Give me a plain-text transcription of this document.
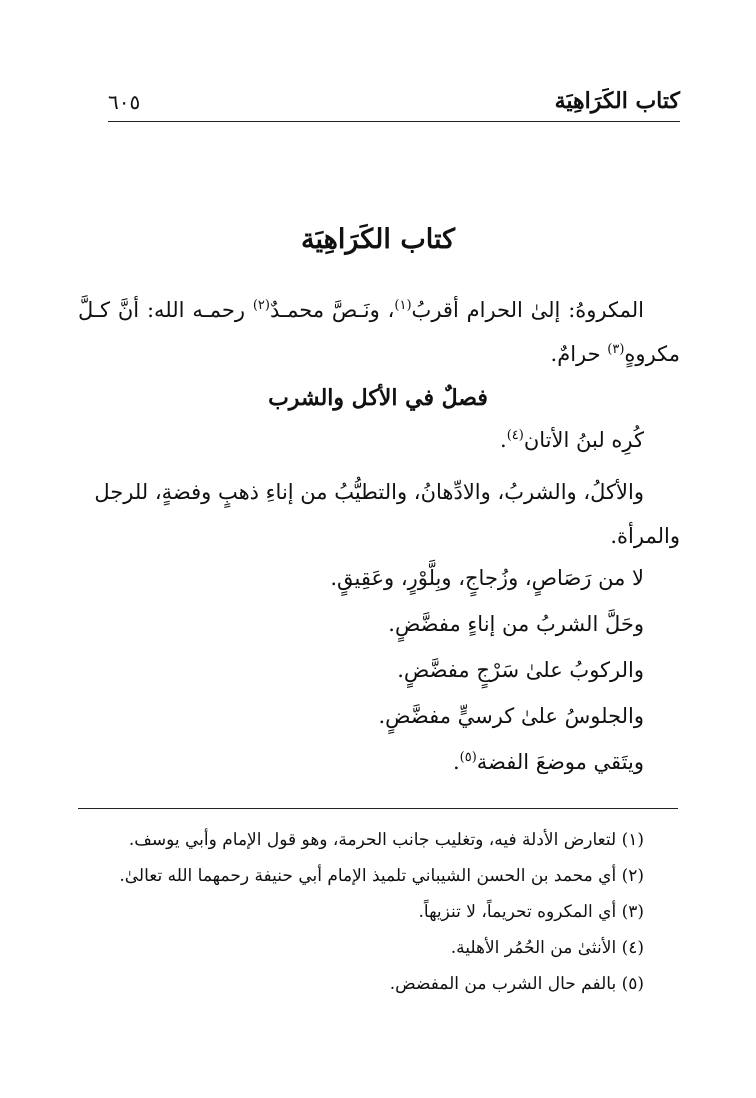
كتاب الكَرَاهِيَة
٦٠٥
كتاب الكَرَاهِيَة
المكروهُ: إلىٰ الحرام أقربُ$^{(١)}$، ونَـصَّ محمـدٌ$^{(٢)}$ رحمـه الله: أنَّ كـلَّ مكروهٍ$^{(٣)}$ حرامٌ.
فصلٌ في الأكل والشرب
كُرِه لبنُ الأتان$^{(٤)}$.
والأكلُ، والشربُ، والادِّهانُ، والتطيُّبُ من إناءِ ذهبٍ وفضةٍ، للرجل والمرأة.
لا من رَصَاصٍ، وزُجاجٍ، وبِلَّوْرٍ، وعَقِيقٍ.
وحَلَّ الشربُ من إناءٍ مفضَّضٍ.
والركوبُ علىٰ سَرْجٍ مفضَّضٍ.
والجلوسُ علىٰ كرسيٍّ مفضَّضٍ.
ويتَقي موضعَ الفضة$^{(٥)}$.
(١) لتعارض الأدلة فيه، وتغليب جانب الحرمة، وهو قول الإمام وأبي يوسف.
(٢) أي محمد بن الحسن الشيباني تلميذ الإمام أبي حنيفة رحمهما الله تعالىٰ.
(٣) أي المكروه تحريماً، لا تنزيهاً.
(٤) الأنثىٰ من الحُمُر الأهلية.
(٥) بالفم حال الشرب من المفضض.
